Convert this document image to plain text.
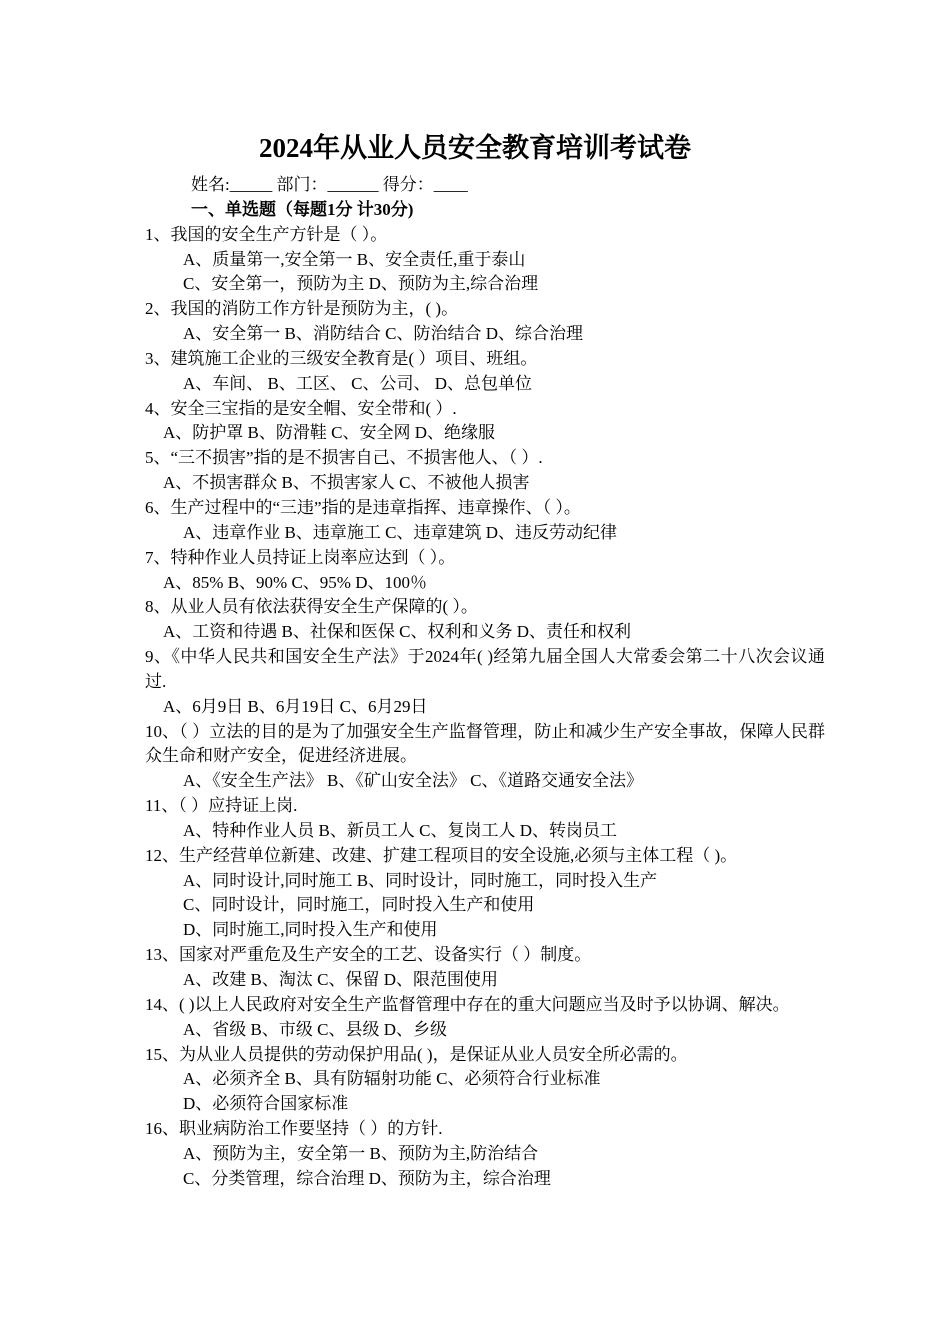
2024年从业人员安全教育培训考试卷
姓名:_____ 部门：______ 得分：____
一、单选题（每题1分 计30分)
1、我国的安全生产方针是（ ）。
A、质量第一,安全第一 B、安全责任,重于泰山
C、安全第一，预防为主 D、预防为主,综合治理
2、我国的消防工作方针是预防为主，( )。
A、安全第一 B、消防结合 C、防治结合 D、综合治理
3、建筑施工企业的三级安全教育是( ）项目、班组。
A、车间、 B、工区、 C、公司、 D、总包单位
4、安全三宝指的是安全帽、安全带和( ）.
A、防护罩 B、防滑鞋 C、安全网 D、绝缘服
5、“三不损害”指的是不损害自己、不损害他人、（ ）.
A、不损害群众 B、不损害家人 C、不被他人损害
6、生产过程中的“三违”指的是违章指挥、违章操作、（ ）。
A、违章作业 B、违章施工 C、违章建筑 D、违反劳动纪律
7、特种作业人员持证上岗率应达到（ ）。
A、85% B、90% C、95% D、100％
8、从业人员有依法获得安全生产保障的( ）。
A、工资和待遇 B、社保和医保 C、权利和义务 D、责任和权利
9、《中华人民共和国安全生产法》于2024年( )经第九届全国人大常委会第二十八次会议通过.
A、6月9日 B、6月19日 C、6月29日
10、（ ）立法的目的是为了加强安全生产监督管理，防止和减少生产安全事故，保障人民群众生命和财产安全，促进经济进展。
A、《安全生产法》 B、《矿山安全法》 C、《道路交通安全法》
11、（ ）应持证上岗.
A、特种作业人员 B、新员工人 C、复岗工人 D、转岗员工
12、生产经营单位新建、改建、扩建工程项目的安全设施,必须与主体工程（ )。
A、同时设计,同时施工 B、同时设计，同时施工，同时投入生产
C、同时设计，同时施工，同时投入生产和使用
D、同时施工,同时投入生产和使用
13、国家对严重危及生产安全的工艺、设备实行（ ）制度。
A、改建 B、淘汰 C、保留 D、限范围使用
14、( )以上人民政府对安全生产监督管理中存在的重大问题应当及时予以协调、解决。
A、省级 B、市级 C、县级 D、乡级
15、为从业人员提供的劳动保护用品( )，是保证从业人员安全所必需的。
A、必须齐全 B、具有防辐射功能 C、必须符合行业标准
D、必须符合国家标准
16、职业病防治工作要坚持（ ）的方针.
A、预防为主，安全第一 B、预防为主,防治结合
C、分类管理，综合治理 D、预防为主，综合治理
